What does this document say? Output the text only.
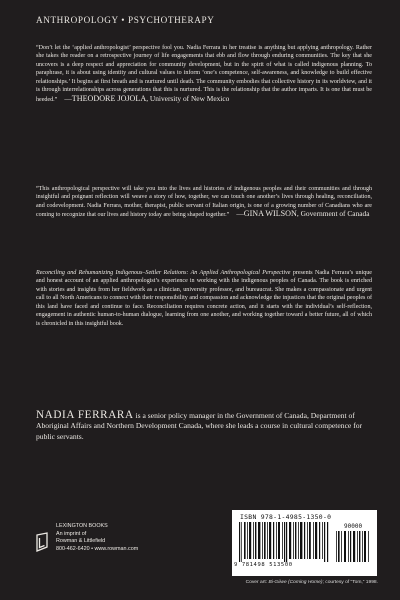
ANTHROPOLOGY • PSYCHOTHERAPY
“Don’t let the ‘applied anthropologist’ perspective fool you. Nadia Ferrara in her treatise is anything but applying anthropology. Rather she takes the reader on a retrospective journey of life engagements that ebb and flow through enduring communities. The key that she uncovers is a deep respect and appreciation for community development, but in the spirit of what is called indigenous planning. To paraphrase, it is about using identity and cultural values to inform ‘one’s competence, self-awareness, and knowledge to build effective relationships.’ It begins at first breath and is nurtured until death. The community embodies that collective history in its worldview, and it is through interrelationships across generations that this is nurtured. This is the relationship that the author imparts. It is one that must be heeded.” —THEODORE JOJOLA, University of New Mexico
“This anthropological perspective will take you into the lives and histories of indigenous peoples and their communities and through insightful and poignant reflection will weave a story of how, together, we can touch one another’s lives through healing, reconciliation, and codevelopment. Nadia Ferrara, mother, therapist, public servant of Italian origin, is one of a growing number of Canadians who are coming to recognize that our lives and history today are being shaped together.” —GINA WILSON, Government of Canada
Reconciling and Rehumanizing Indigenous–Settler Relations: An Applied Anthropological Perspective presents Nadia Ferrara’s unique and honest account of an applied anthropologist’s experience in working with the indigenous peoples of Canada. The book is enriched with stories and insights from her fieldwork as a clinician, university professor, and bureaucrat. She makes a compassionate and urgent call to all North Americans to connect with their responsibility and compassion and acknowledge the injustices that the original peoples of this land have faced and continue to face. Reconciliation requires concrete action, and it starts with the individual’s self-reflection, engagement in authentic human-to-human dialogue, learning from one another, and working together toward a better future, all of which is chronicled in this insightful book.
NADIA FERRARA is a senior policy manager in the Government of Canada, Department of Aboriginal Affairs and Northern Development Canada, where she leads a course in cultural competence for public servants.
LEXINGTON BOOKS
An imprint of
Rowman & Littlefield
800-462-6420 • www.rowman.com
ISBN 978-1-4985-1350-0
90000
9 781498 513500
Cover art: Bi-Giiwe (Coming Home); courtesy of “Tom,” 1998.
